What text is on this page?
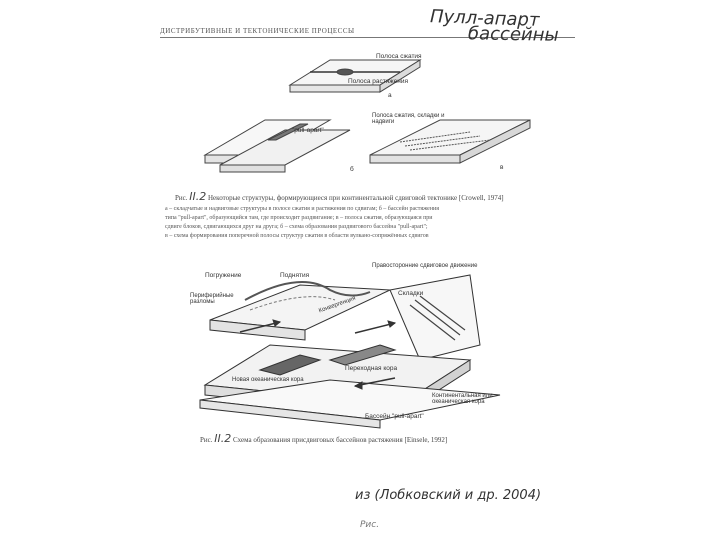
ДИСТРИБУТИВНЫЕ И ТЕКТОНИЧЕСКИЕ ПРОЦЕССЫ
Пулл-апарт
бассейны
Полоса сжатия
Полоса растяжения
а
"pull-apart"
б
Полоса сжатия, складки и надвиги
в
Рис. II.2 Некоторые структуры, формирующиеся при континентальной сдвиговой тектонике [Crowell, 1974]
а – складчатые и надвиговые структуры в полосе сжатия и растяжения по сдвигам; б – бассейн растяжения
типа "pull-apart", образующийся там, где происходит раздвигание; в – полоса сжатия, образующаяся при
сдвиге блоков, сдвигающихся друг на друга; б – схема образования раздвигового бассейна "pull-apart";
в – схема формирования поперечной полосы структур сжатия в области вулкано-сопряжённых сдвигов
Погружение	Поднятия
Периферийные разломы
Правосторонние сдвиговое движение
Складки
Конвергенция
Переходная кора
Новая океаническая кора
Континентальная или океаническая кора
Бассейн "pull-apart"
Рис. II.2 Схема образования присдвиговых бассейнов растяжения [Einsele, 1992]
из (Лобковский и др. 2004)
Рис.
